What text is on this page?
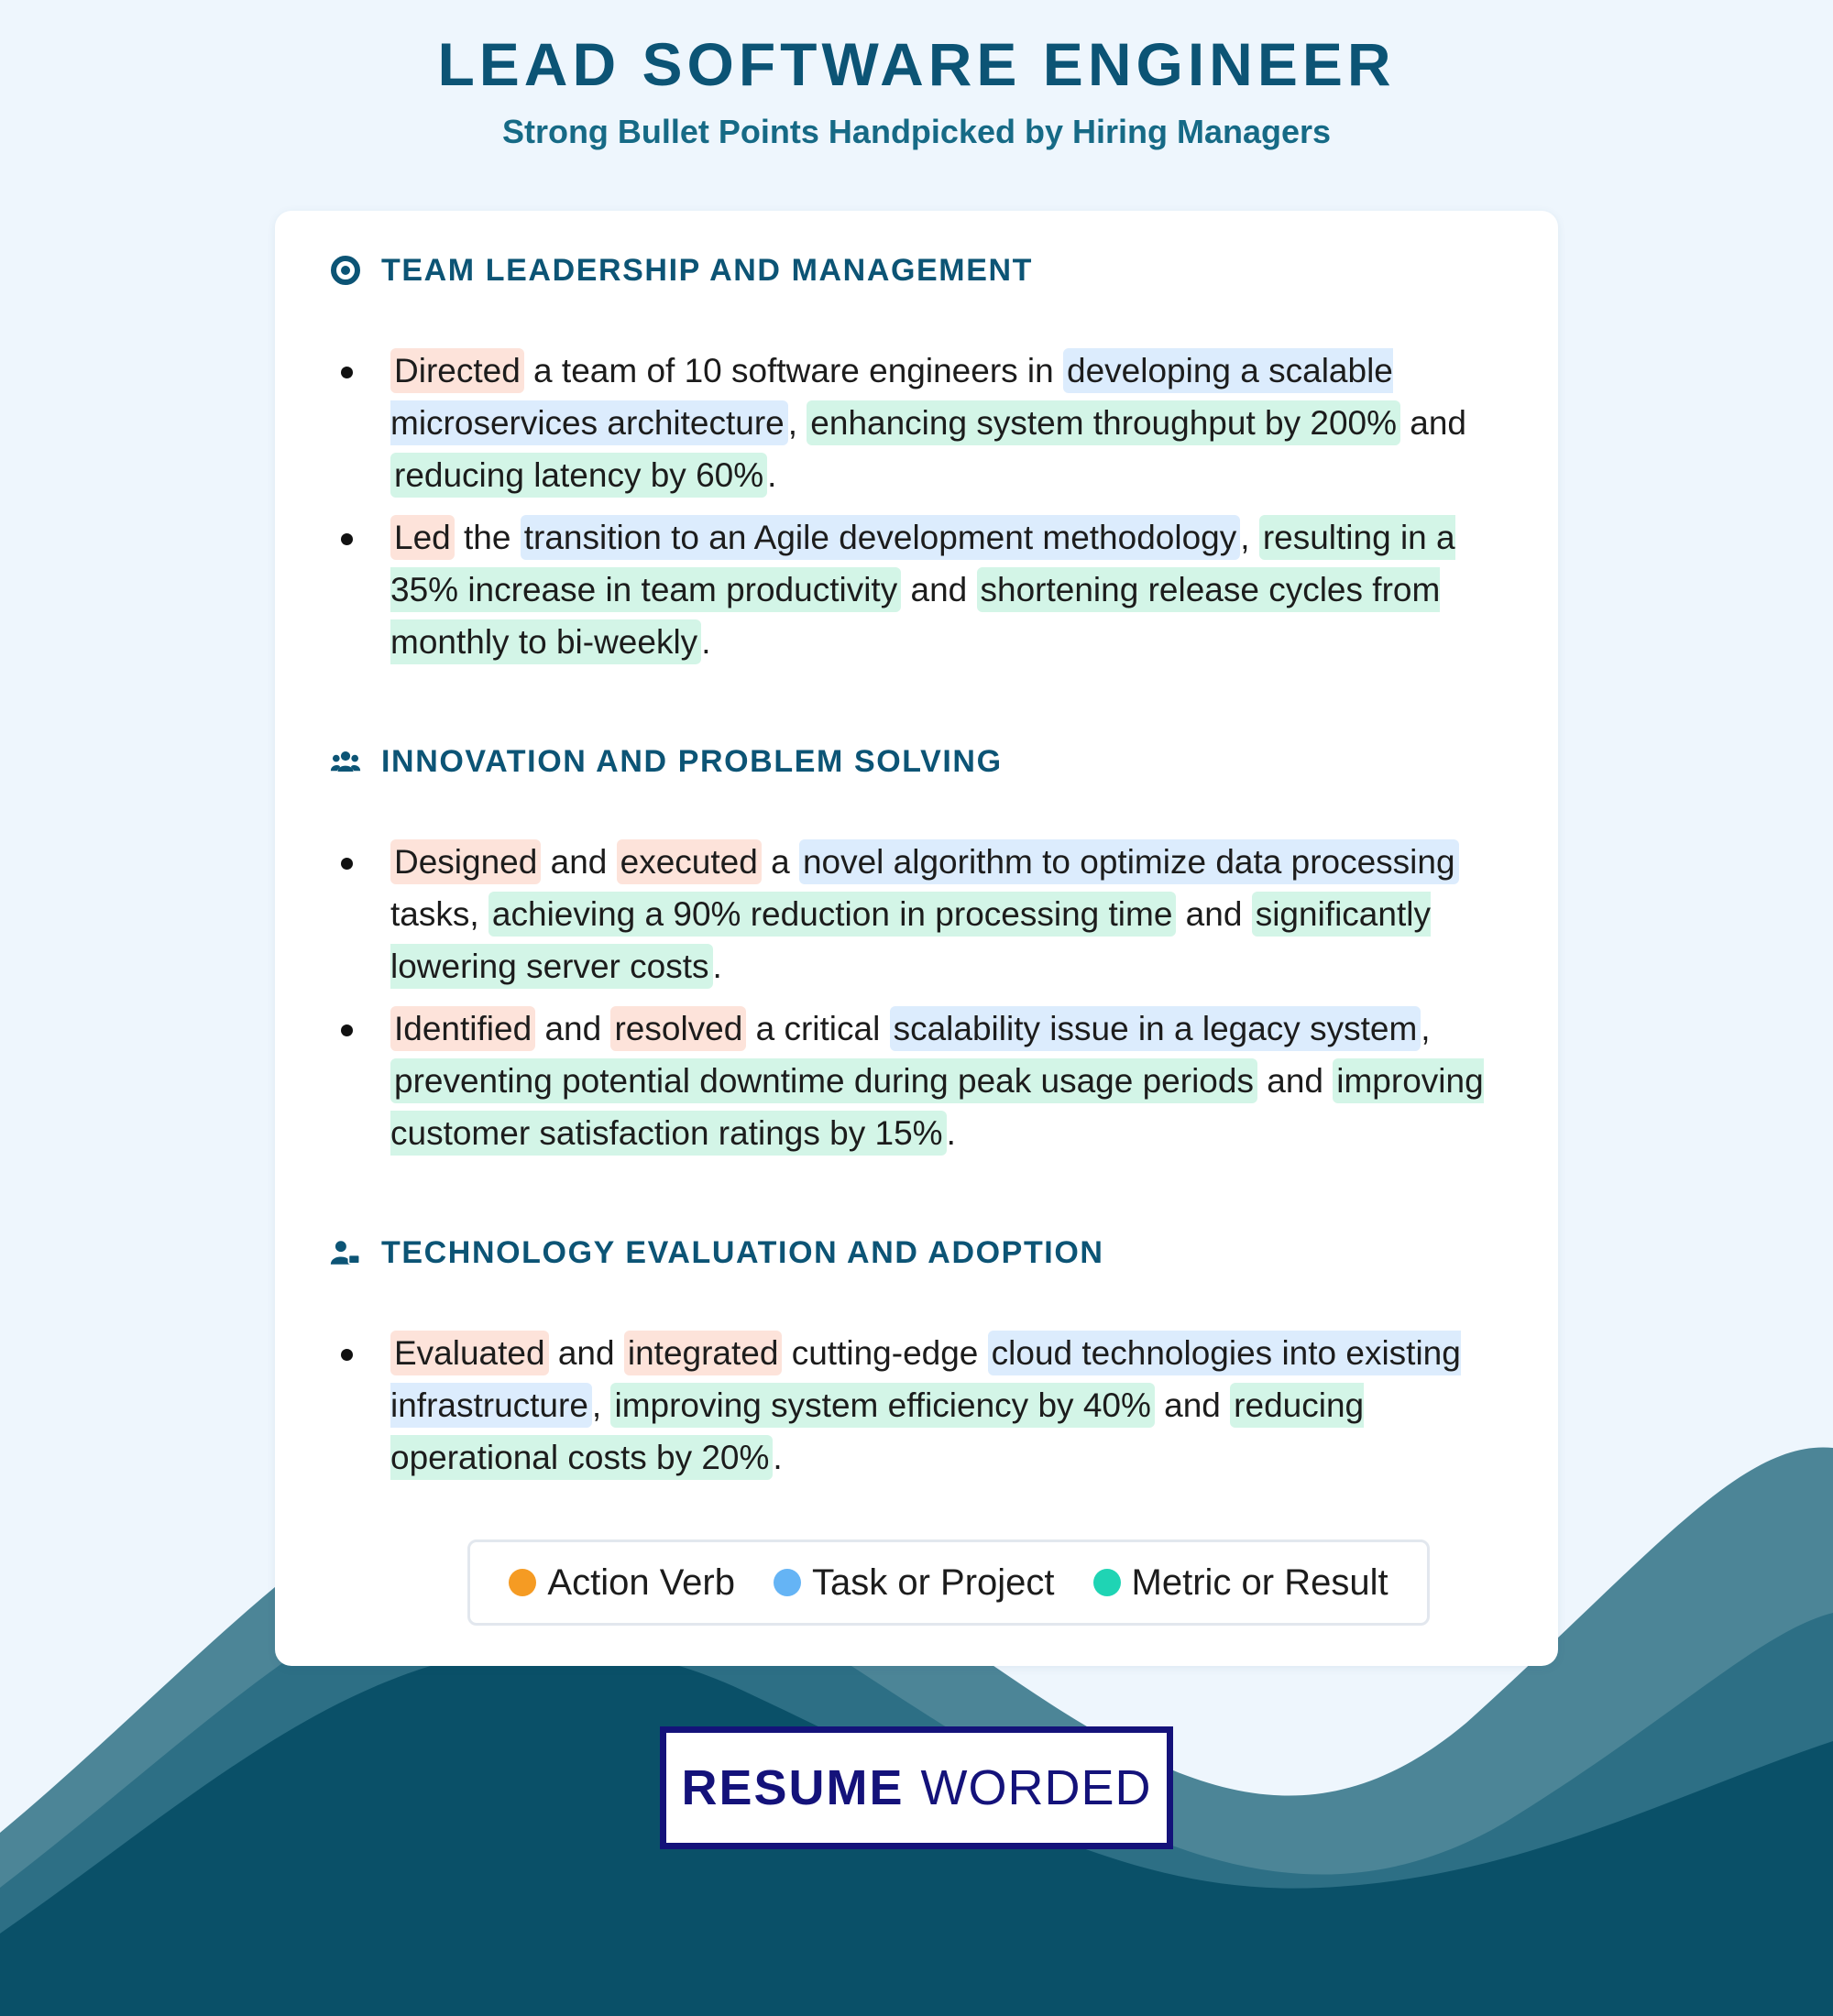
LEAD SOFTWARE ENGINEER
Strong Bullet Points Handpicked by Hiring Managers
TEAM LEADERSHIP AND MANAGEMENT
Directed a team of 10 software engineers in developing a scalable microservices architecture , enhancing system throughput by 200% and reducing latency by 60% .
Led the transition to an Agile development methodology , resulting in a 35% increase in team productivity and shortening release cycles from monthly to bi-weekly .
INNOVATION AND PROBLEM SOLVING
Designed and executed a novel algorithm to optimize data processing tasks, achieving a 90% reduction in processing time and significantly lowering server costs .
Identified and resolved a critical scalability issue in a legacy system , preventing potential downtime during peak usage periods and improving customer satisfaction ratings by 15% .
TECHNOLOGY EVALUATION AND ADOPTION
Evaluated and integrated cutting-edge cloud technologies into existing infrastructure , improving system efficiency by 40% and reducing operational costs by 20% .
Action Verb Task or Project Metric or Result
RESUME WORDED
